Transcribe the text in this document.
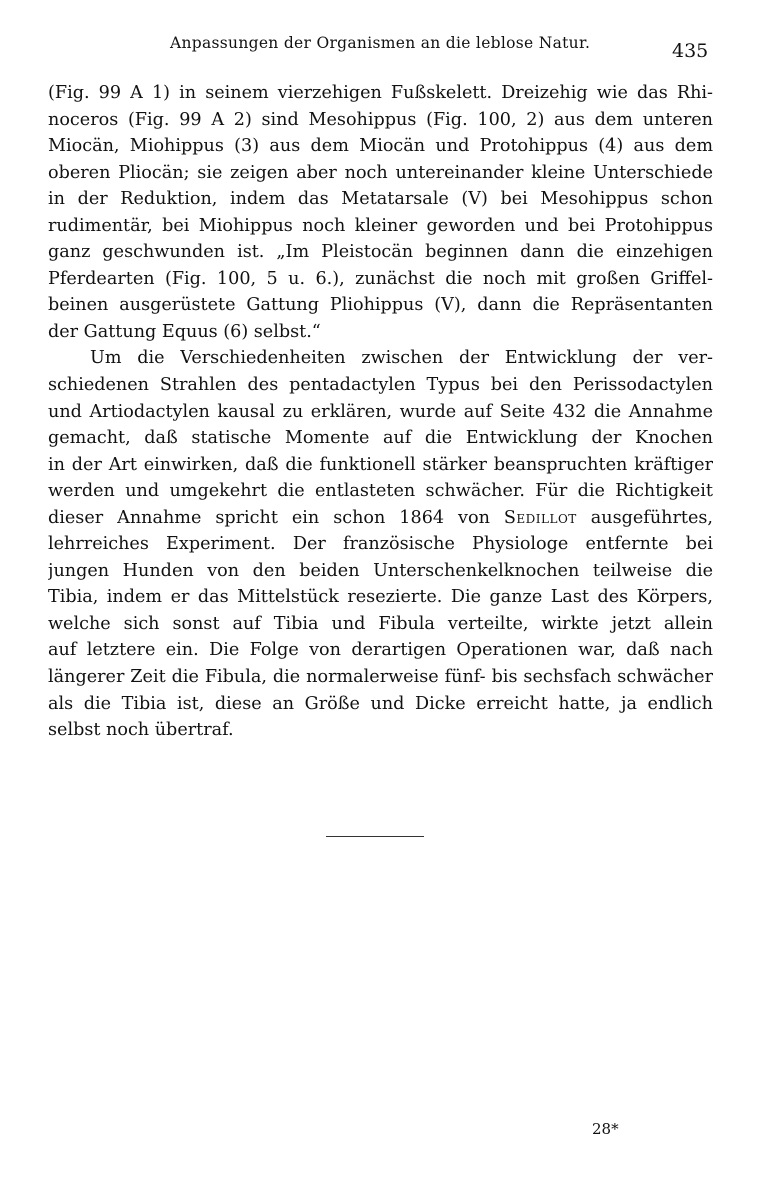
Anpassungen der Organismen an die leblose Natur.	435
(Fig. 99 A 1) in seinem vierzehigen Fußskelett. Dreizehig wie das Rhi-
noceros (Fig. 99 A 2) sind Mesohippus (Fig. 100, 2) aus dem unteren
Miocän, Miohippus (3) aus dem Miocän und Protohippus (4) aus dem
oberen Pliocän; sie zeigen aber noch untereinander kleine Unterschiede
in der Reduktion, indem das Metatarsale (V) bei Mesohippus schon
rudimentär, bei Miohippus noch kleiner geworden und bei Protohippus
ganz geschwunden ist. „Im Pleistocän beginnen dann die einzehigen
Pferdearten (Fig. 100, 5 u. 6.), zunächst die noch mit großen Griffel-
beinen ausgerüstete Gattung Pliohippus (V), dann die Repräsentanten
der Gattung Equus (6) selbst.“
Um die Verschiedenheiten zwischen der Entwicklung der ver-
schiedenen Strahlen des pentadactylen Typus bei den Perissodactylen
und Artiodactylen kausal zu erklären, wurde auf Seite 432 die Annahme
gemacht, daß statische Momente auf die Entwicklung der Knochen
in der Art einwirken, daß die funktionell stärker beanspruchten kräftiger
werden und umgekehrt die entlasteten schwächer. Für die Richtigkeit
dieser Annahme spricht ein schon 1864 von Sedillot ausgeführtes,
lehrreiches Experiment. Der französische Physiologe entfernte bei
jungen Hunden von den beiden Unterschenkelknochen teilweise die
Tibia, indem er das Mittelstück resezierte. Die ganze Last des Körpers,
welche sich sonst auf Tibia und Fibula verteilte, wirkte jetzt allein
auf letztere ein. Die Folge von derartigen Operationen war, daß nach
längerer Zeit die Fibula, die normalerweise fünf- bis sechsfach schwächer
als die Tibia ist, diese an Größe und Dicke erreicht hatte, ja endlich
selbst noch übertraf.
28*
